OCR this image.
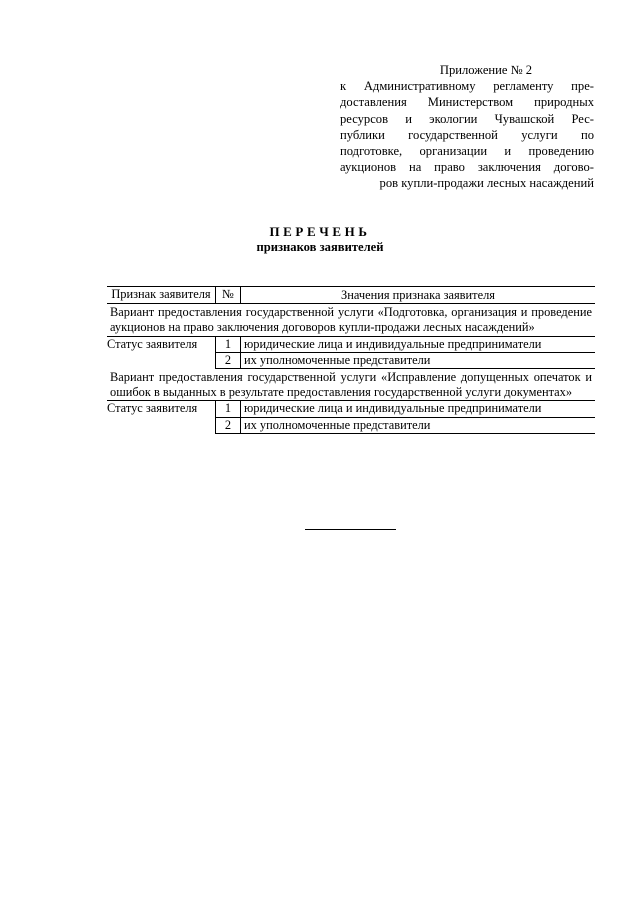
Приложение № 2
к Административному регламенту пре-
доставления Министерством природных
ресурсов и экологии Чувашской Рес-
публики государственной услуги по
подготовке, организации и проведению
аукционов на право заключения догово-
ров купли-продажи лесных насаждений
ПЕРЕЧЕНЬ
признаков заявителей
Признак заявителя	№	Значения признака заявителя
Вариант предоставления государственной услуги «Подготовка, организация и проведение аукционов на право заключения договоров купли-продажи лесных насаждений»		
Статус заявителя	1	юридические лица и индивидуальные предприниматели
	2	их уполномоченные представители
Вариант предоставления государственной услуги «Исправление допущенных опечаток и ошибок в выданных в результате предоставления государственной услуги документах»		
Статус заявителя	1	юридические лица и индивидуальные предприниматели
	2	их уполномоченные представители
